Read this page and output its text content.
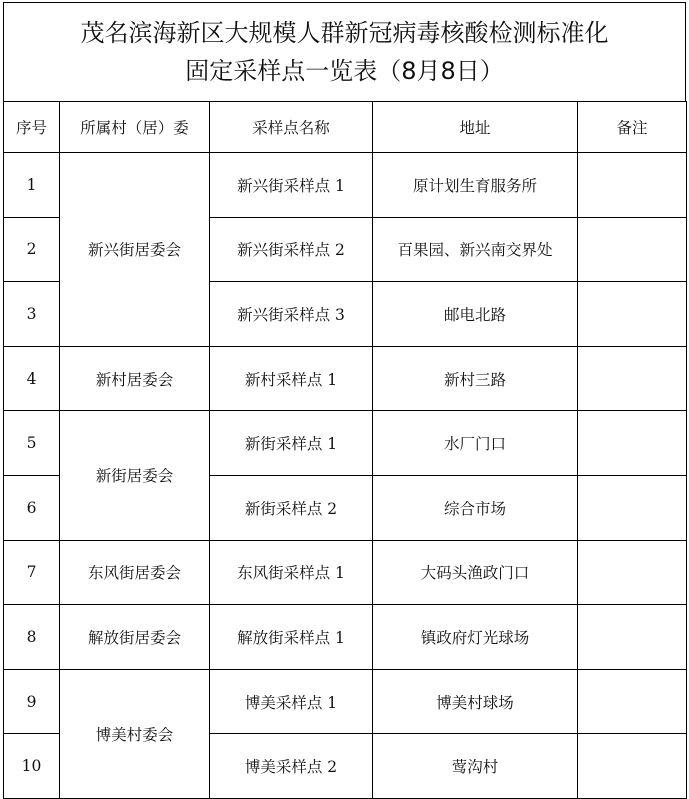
茂名滨海新区大规模人群新冠病毒核酸检测标准化
固定采样点一览表（8月8日）
序号	所属村（居）委	采样点名称	地址	备注
1	新兴街居委会	新兴街采样点 1	原计划生育服务所	
2		新兴街采样点 2	百果园、新兴南交界处	
3		新兴街采样点 3	邮电北路	
4	新村居委会	新村采样点 1	新村三路	
5	新街居委会	新街采样点 1	水厂门口	
6		新街采样点 2	综合市场	
7	东风街居委会	东风街采样点 1	大码头渔政门口	
8	解放街居委会	解放街采样点 1	镇政府灯光球场	
9	博美村委会	博美采样点 1	博美村球场	
10		博美采样点 2	莺沟村	
